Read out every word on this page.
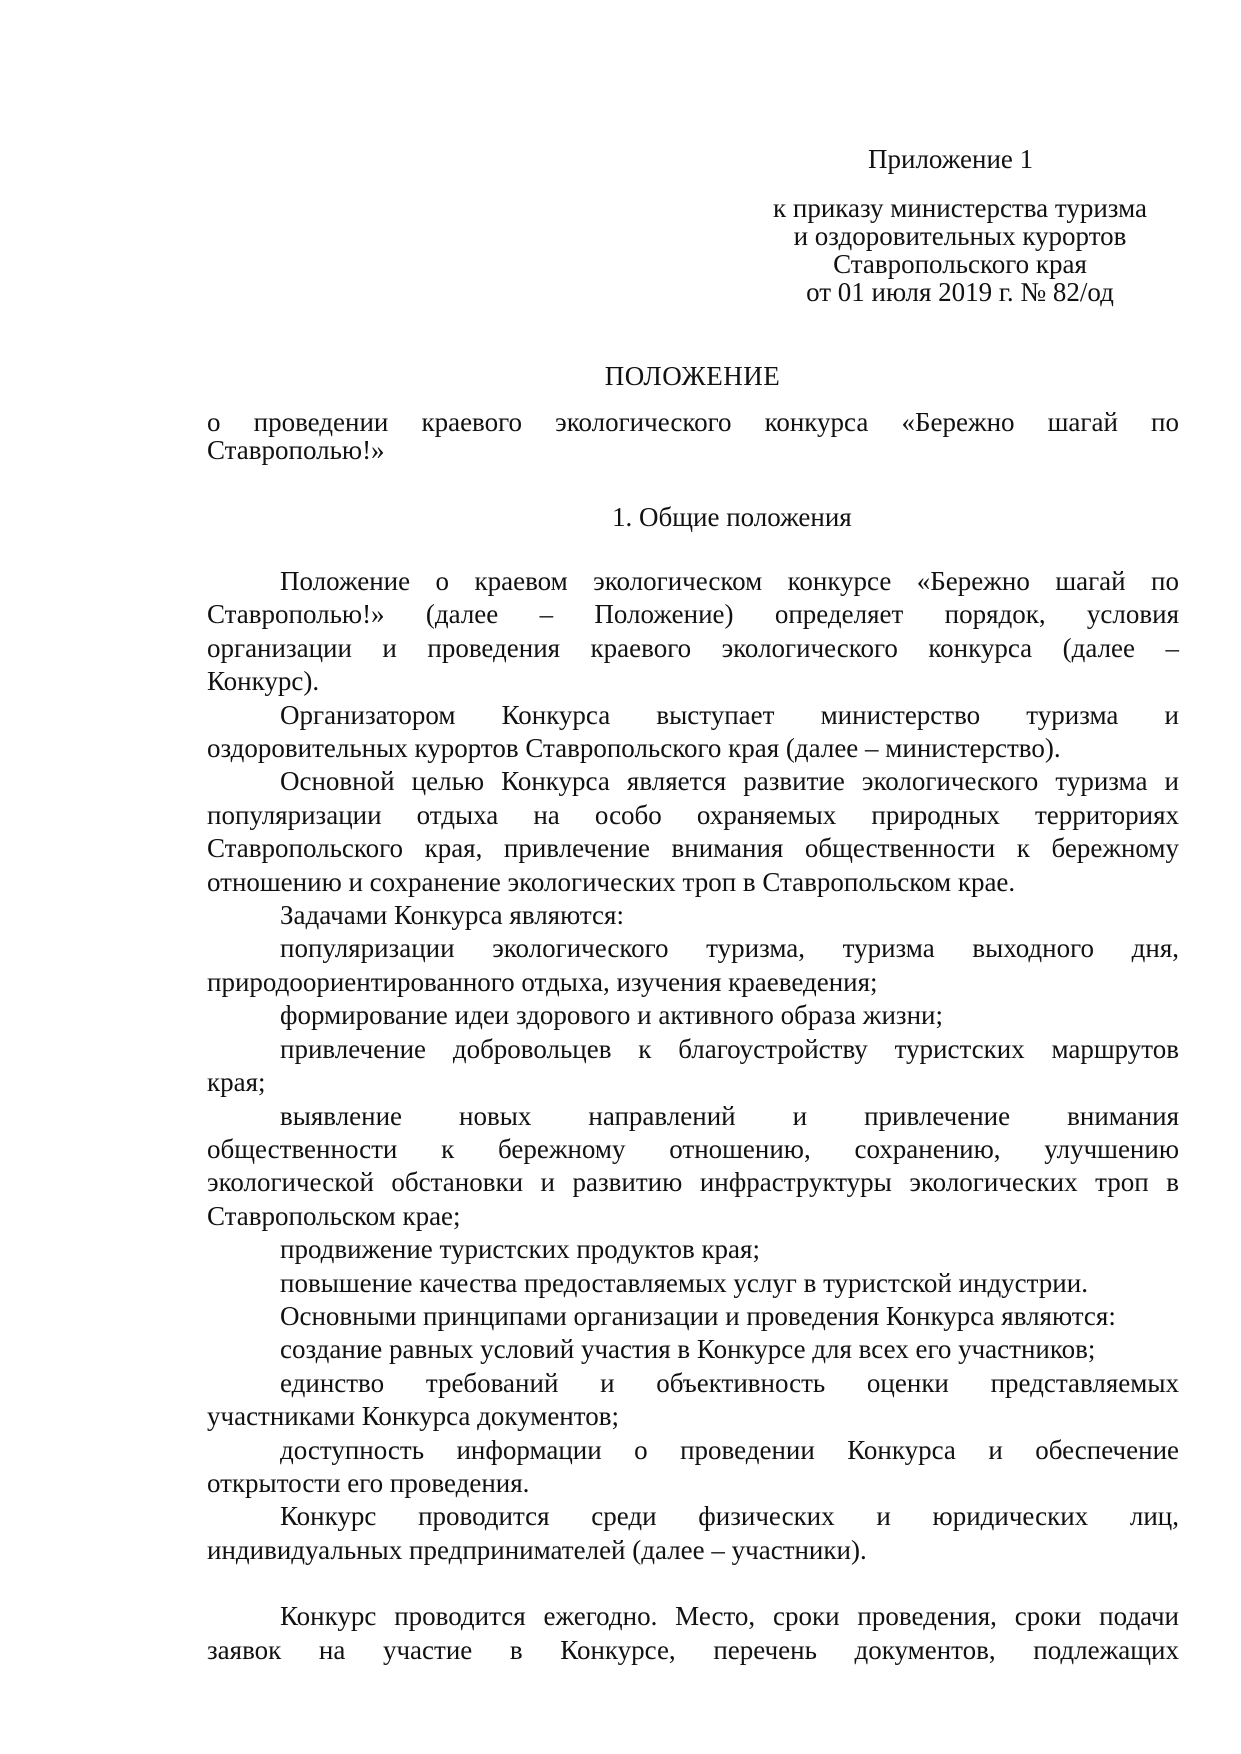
Приложение 1
к приказу министерства туризма
и оздоровительных курортов
Ставропольского края
от 01 июля 2019 г. № 82/од
ПОЛОЖЕНИЕ
о проведении краевого экологического конкурса «Бережно шагай по
Ставрополью!»
1. Общие положения
Положение о краевом экологическом конкурсе «Бережно шагай по
Ставрополью!» (далее – Положение) определяет порядок, условия
организации и проведения краевого экологического конкурса (далее –
Конкурс).
Организатором Конкурса выступает министерство туризма и
оздоровительных курортов Ставропольского края (далее – министерство).
Основной целью Конкурса является развитие экологического туризма и
популяризации отдыха на особо охраняемых природных территориях
Ставропольского края, привлечение внимания общественности к бережному
отношению и сохранение экологических троп в Ставропольском крае.
Задачами Конкурса являются:
популяризации экологического туризма, туризма выходного дня,
природоориентированного отдыха, изучения краеведения;
формирование идеи здорового и активного образа жизни;
привлечение добровольцев к благоустройству туристских маршрутов
края;
выявление новых направлений и привлечение внимания
общественности к бережному отношению, сохранению, улучшению
экологической обстановки и развитию инфраструктуры экологических троп в
Ставропольском крае;
продвижение туристских продуктов края;
повышение качества предоставляемых услуг в туристской индустрии.
Основными принципами организации и проведения Конкурса являются:
создание равных условий участия в Конкурсе для всех его участников;
единство требований и объективность оценки представляемых
участниками Конкурса документов;
доступность информации о проведении Конкурса и обеспечение
открытости его проведения.
Конкурс проводится среди физических и юридических лиц,
индивидуальных предпринимателей (далее – участники).

Конкурс проводится ежегодно. Место, сроки проведения, сроки подачи
заявок на участие в Конкурсе, перечень документов, подлежащих
